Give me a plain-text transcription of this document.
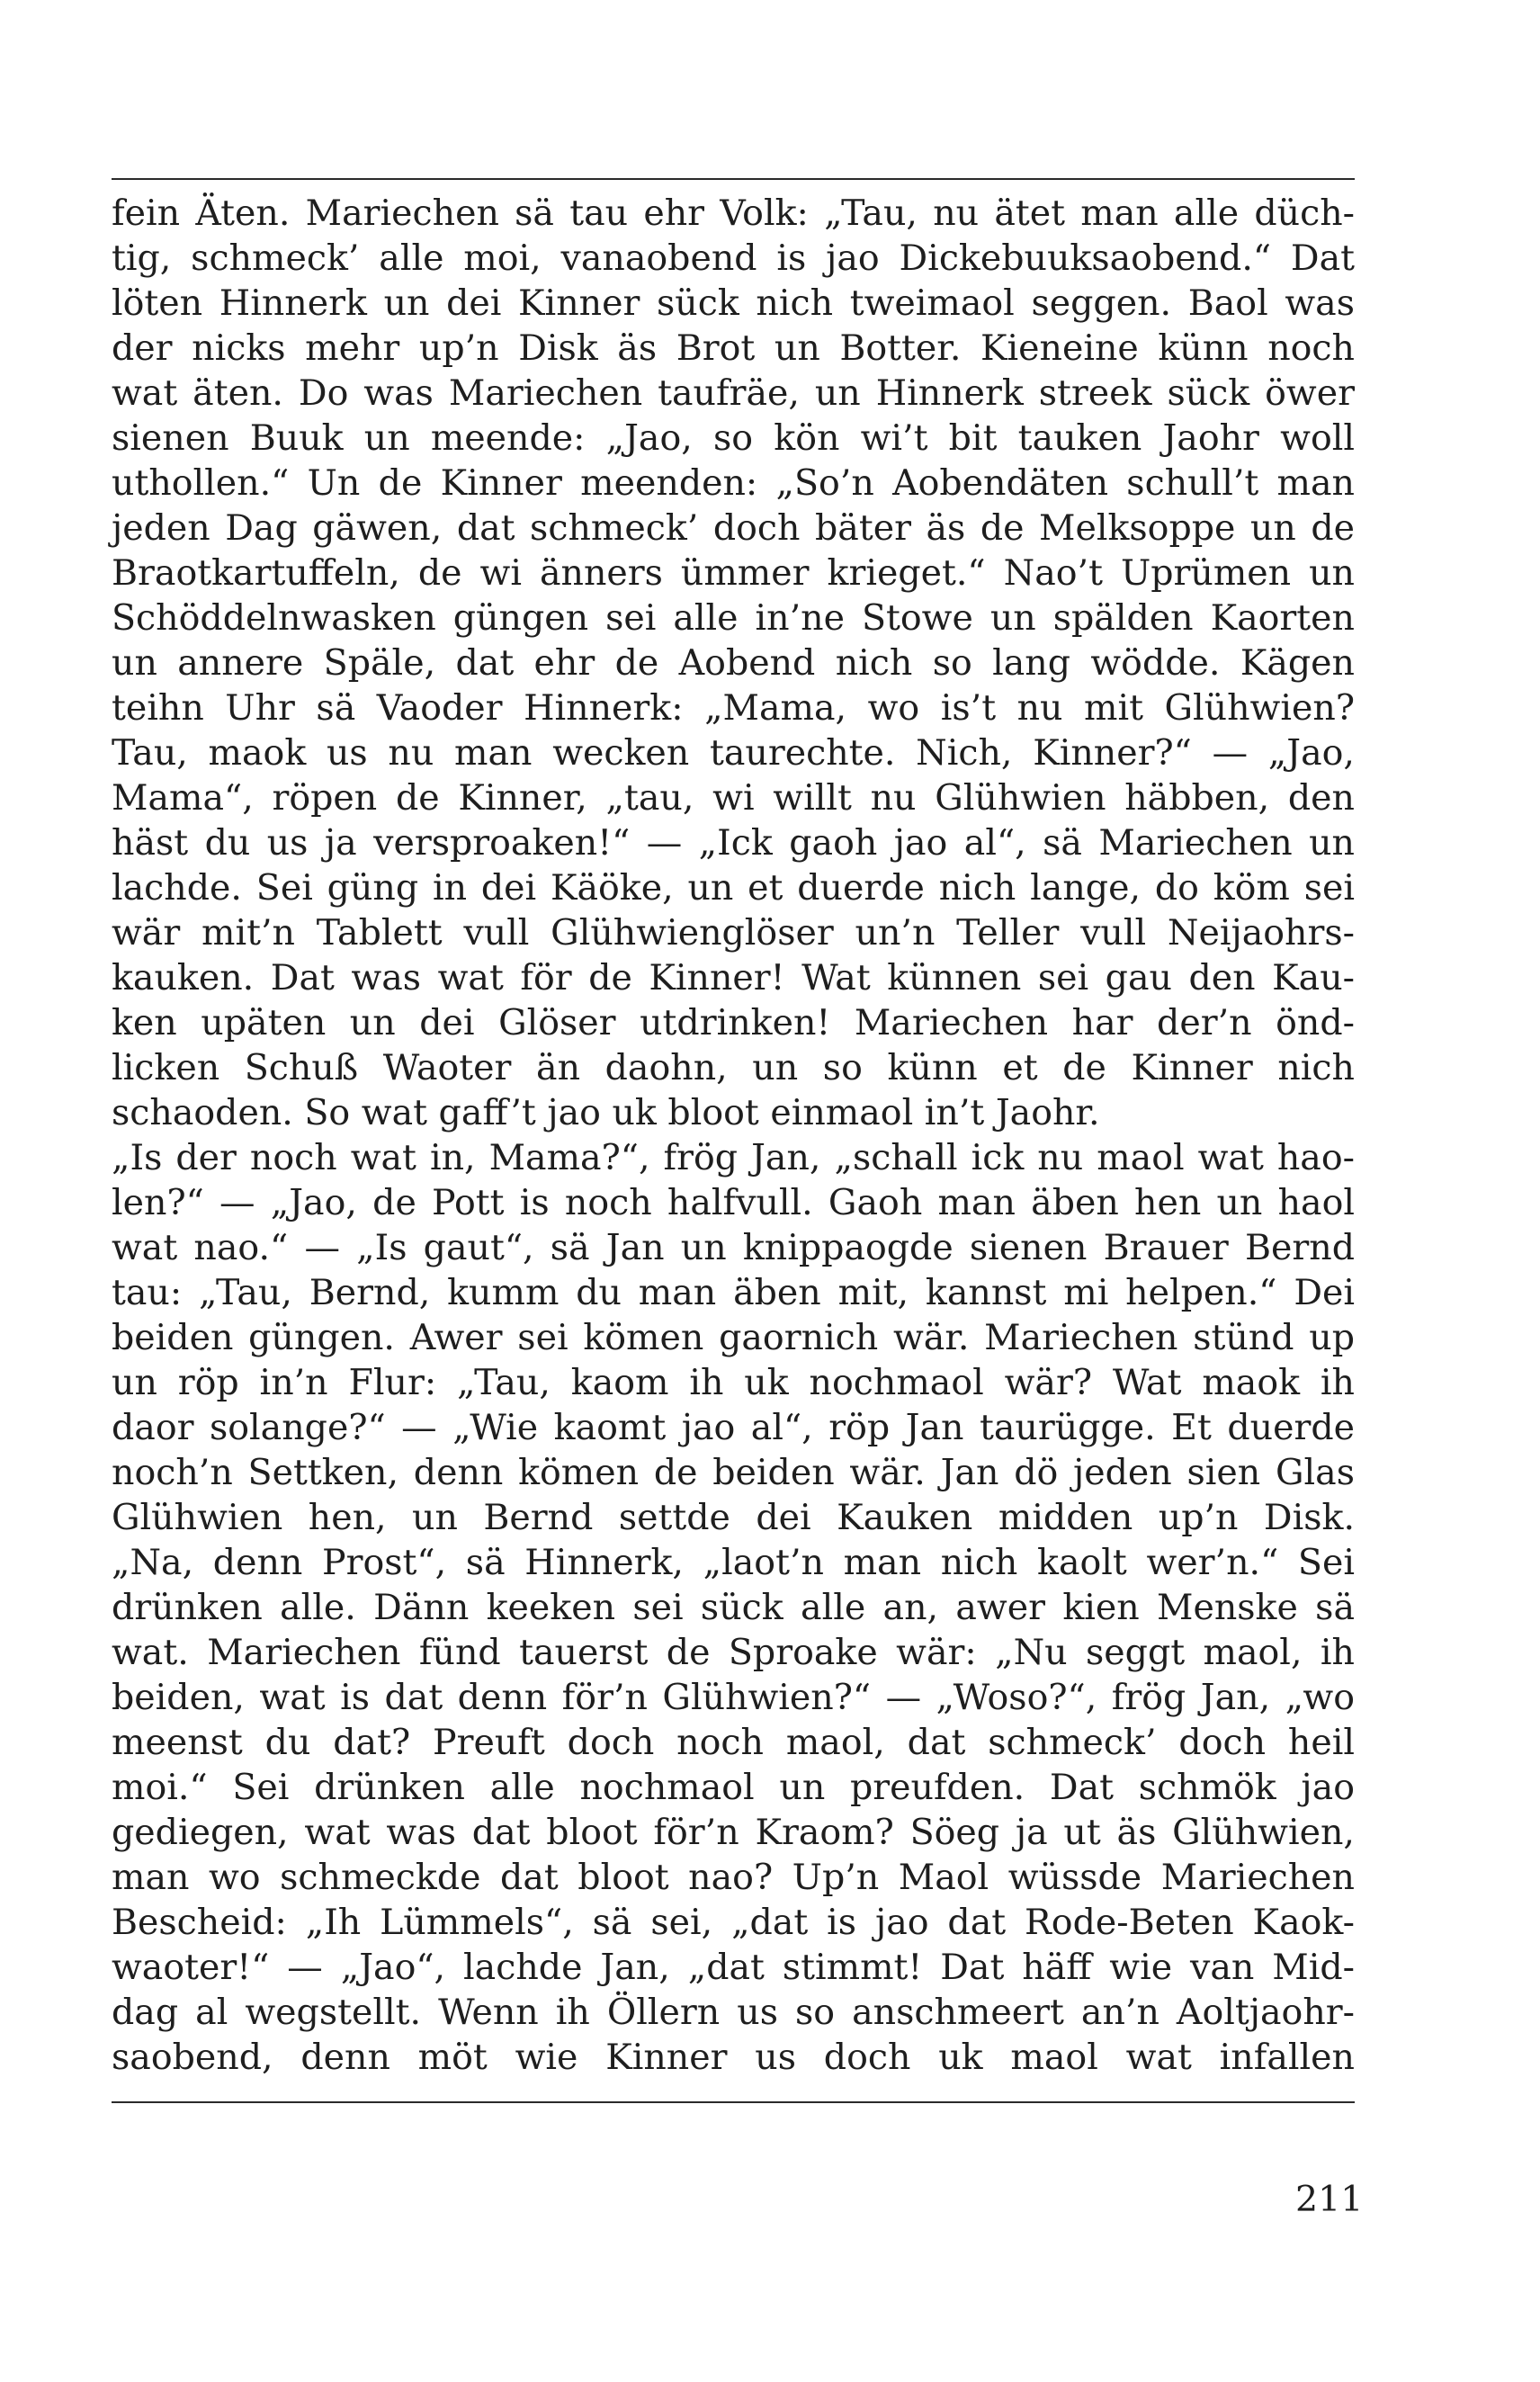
fein Äten. Mariechen sä tau ehr Volk: „Tau, nu ätet man alle düch-
tig, schmeck’ alle moi, vanaobend is jao Dickebuuksaobend.“ Dat
löten Hinnerk un dei Kinner sück nich tweimaol seggen. Baol was
der nicks mehr up’n Disk äs Brot un Botter. Kieneine künn noch
wat äten. Do was Mariechen taufräe, un Hinnerk streek sück öwer
sienen Buuk un meende: „Jao, so kön wi’t bit tauken Jaohr woll
uthollen.“ Un de Kinner meenden: „So’n Aobendäten schull’t man
jeden Dag gäwen, dat schmeck’ doch bäter äs de Melksoppe un de
Braotkartuffeln, de wi änners ümmer krieget.“ Nao’t Uprümen un
Schöddelnwasken güngen sei alle in’ne Stowe un spälden Kaorten
un annere Späle, dat ehr de Aobend nich so lang wödde. Kägen
teihn Uhr sä Vaoder Hinnerk: „Mama, wo is’t nu mit Glühwien?
Tau, maok us nu man wecken taurechte. Nich, Kinner?“ — „Jao,
Mama“, röpen de Kinner, „tau, wi willt nu Glühwien häbben, den
häst du us ja versproaken!“ — „Ick gaoh jao al“, sä Mariechen un
lachde. Sei güng in dei Käöke, un et duerde nich lange, do köm sei
wär mit’n Tablett vull Glühwienglöser un’n Teller vull Neijaohrs-
kauken. Dat was wat för de Kinner! Wat künnen sei gau den Kau-
ken upäten un dei Glöser utdrinken! Mariechen har der’n önd-
licken Schuß Waoter än daohn, un so künn et de Kinner nich
schaoden. So wat gaff’t jao uk bloot einmaol in’t Jaohr.
„Is der noch wat in, Mama?“, frög Jan, „schall ick nu maol wat hao-
len?“ — „Jao, de Pott is noch halfvull. Gaoh man äben hen un haol
wat nao.“ — „Is gaut“, sä Jan un knippaogde sienen Brauer Bernd
tau: „Tau, Bernd, kumm du man äben mit, kannst mi helpen.“ Dei
beiden güngen. Awer sei kömen gaornich wär. Mariechen stünd up
un röp in’n Flur: „Tau, kaom ih uk nochmaol wär? Wat maok ih
daor solange?“ — „Wie kaomt jao al“, röp Jan taurügge. Et duerde
noch’n Settken, denn kömen de beiden wär. Jan dö jeden sien Glas
Glühwien hen, un Bernd settde dei Kauken midden up’n Disk.
„Na, denn Prost“, sä Hinnerk, „laot’n man nich kaolt wer’n.“ Sei
drünken alle. Dänn keeken sei sück alle an, awer kien Menske sä
wat. Mariechen fünd tauerst de Sproake wär: „Nu seggt maol, ih
beiden, wat is dat denn för’n Glühwien?“ — „Woso?“, frög Jan, „wo
meenst du dat? Preuft doch noch maol, dat schmeck’ doch heil
moi.“ Sei drünken alle nochmaol un preufden. Dat schmök jao
gediegen, wat was dat bloot för’n Kraom? Söeg ja ut äs Glühwien,
man wo schmeckde dat bloot nao? Up’n Maol wüssde Mariechen
Bescheid: „Ih Lümmels“, sä sei, „dat is jao dat Rode-Beten Kaok-
waoter!“ — „Jao“, lachde Jan, „dat stimmt! Dat häff wie van Mid-
dag al wegstellt. Wenn ih Öllern us so anschmeert an’n Aoltjaohr-
saobend, denn möt wie Kinner us doch uk maol wat infallen
211
